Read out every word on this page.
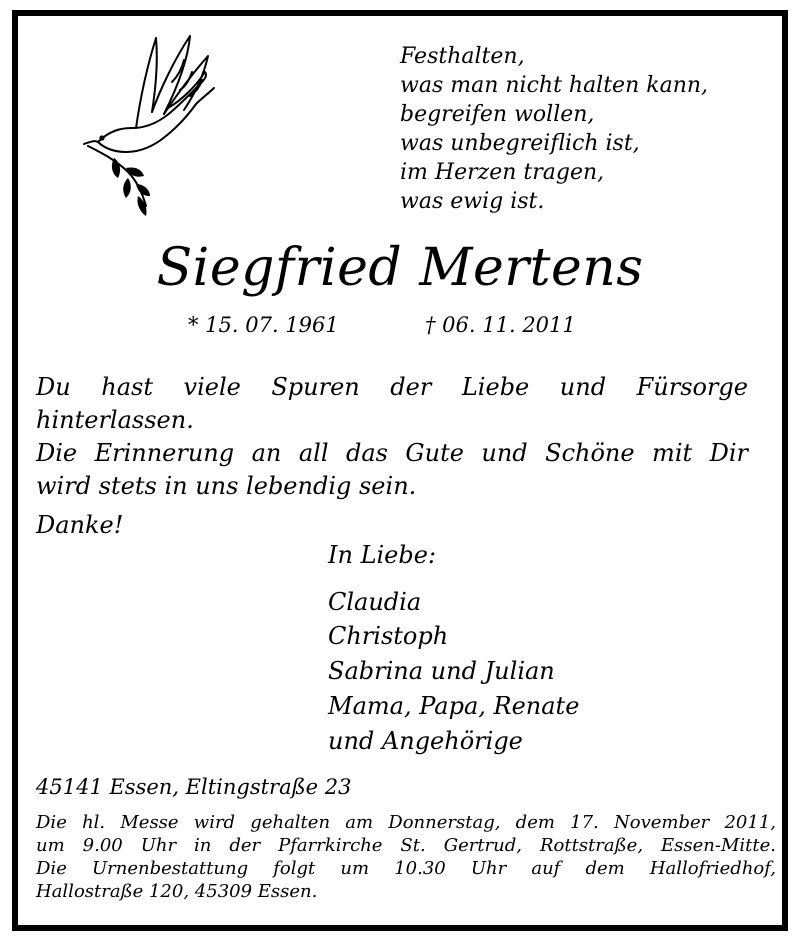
Festhalten,
was man nicht halten kann,
begreifen wollen,
was unbegreiflich ist,
im Herzen tragen,
was ewig ist.
Siegfried Mertens
* 15. 07. 1961	† 06. 11. 2011
Du hast viele Spuren der Liebe und Fürsorge
hinterlassen.
Die Erinnerung an all das Gute und Schöne mit Dir
wird stets in uns lebendig sein.
Danke!
In Liebe:
Claudia
Christoph
Sabrina und Julian
Mama, Papa, Renate
und Angehörige
45141 Essen, Eltingstraße 23
Die hl. Messe wird gehalten am Donnerstag, dem 17. November 2011,
um 9.00 Uhr in der Pfarrkirche St. Gertrud, Rottstraße, Essen-Mitte.
Die Urnenbestattung folgt um 10.30 Uhr auf dem Hallofriedhof,
Hallostraße 120, 45309 Essen.
